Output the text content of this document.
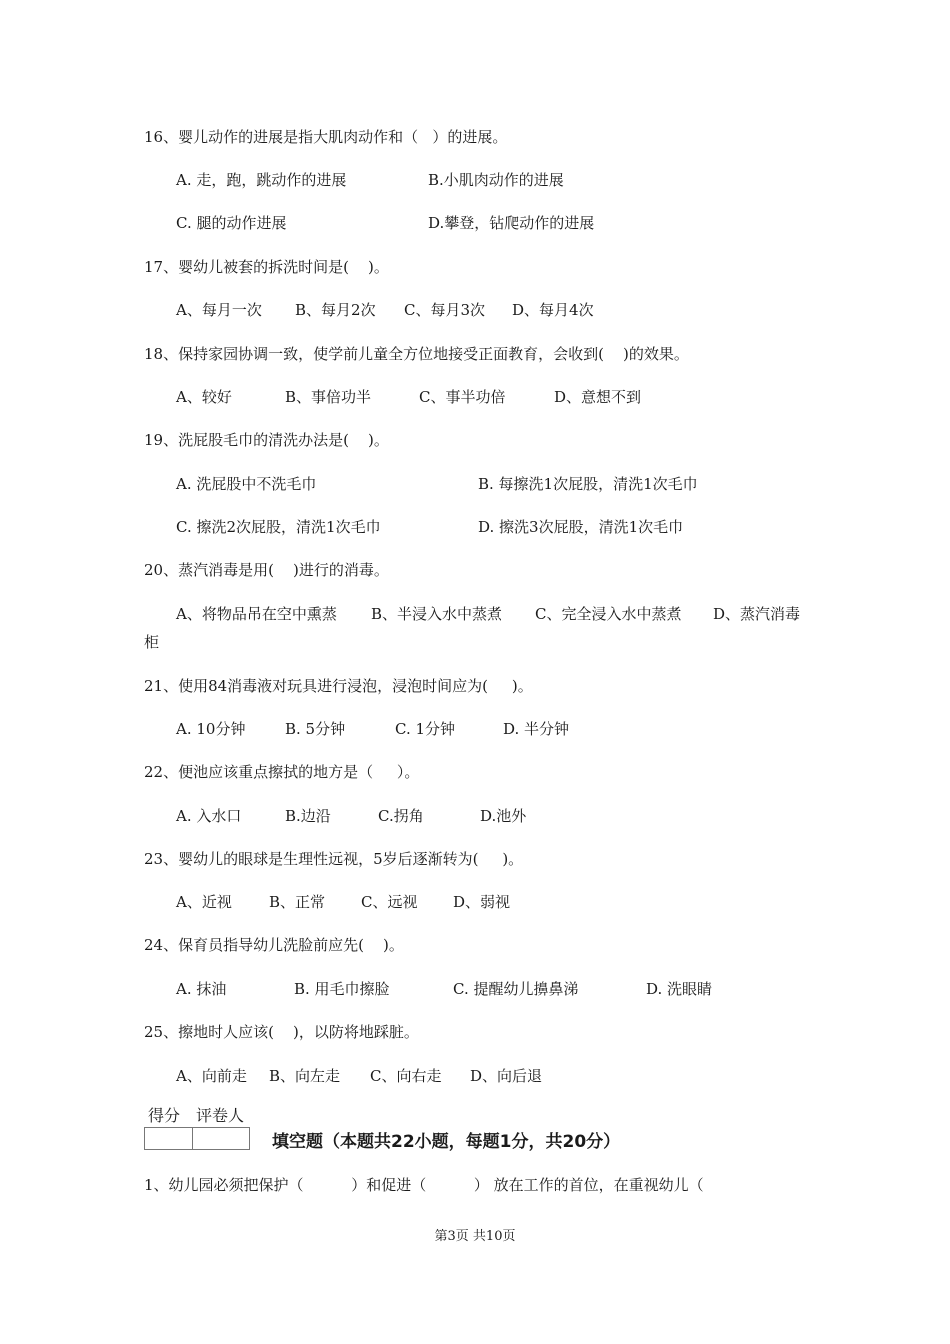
16、婴儿动作的进展是指大肌肉动作和（   ）的进展。
A. 走，跑，跳动作的进展	B.小肌肉动作的进展
C. 腿的动作进展	D.攀登，钻爬动作的进展
17、婴幼儿被套的拆洗时间是(    )。
A、每月一次 B、每月2次 C、每月3次 D、每月4次
18、保持家园协调一致，使学前儿童全方位地接受正面教育，会收到(    )的效果。
A、较好	B、事倍功半	C、事半功倍	D、意想不到
19、洗屁股毛巾的清洗办法是(    )。
A. 洗屁股中不洗毛巾	B. 每擦洗1次屁股，清洗1次毛巾
C. 擦洗2次屁股，清洗1次毛巾	D. 擦洗3次屁股，清洗1次毛巾
20、蒸汽消毒是用(    )进行的消毒。
A、将物品吊在空中熏蒸 B、半浸入水中蒸煮 C、完全浸入水中蒸煮 D、蒸汽消毒
柜
21、使用84消毒液对玩具进行浸泡，浸泡时间应为(     )。
A. 10分钟	B. 5分钟	C. 1分钟	D. 半分钟
22、便池应该重点擦拭的地方是（     ）。
A. 入水口	B.边沿	C.拐角	D.池外
23、婴幼儿的眼球是生理性远视，5岁后逐渐转为(     )。
A、近视 B、正常 C、远视 D、弱视
24、保育员指导幼儿洗脸前应先(    )。
A. 抹油	B. 用毛巾擦脸	C. 提醒幼儿擤鼻涕	D. 洗眼睛
25、擦地时人应该(    )，以防将地踩脏。
A、向前走 B、向左走 C、向右走 D、向后退
得分 评卷人
填空题（本题共22小题，每题1分，共20分）
1、幼儿园必须把保护（          ）和促进（          ） 放在工作的首位，在重视幼儿（
第3页 共10页
